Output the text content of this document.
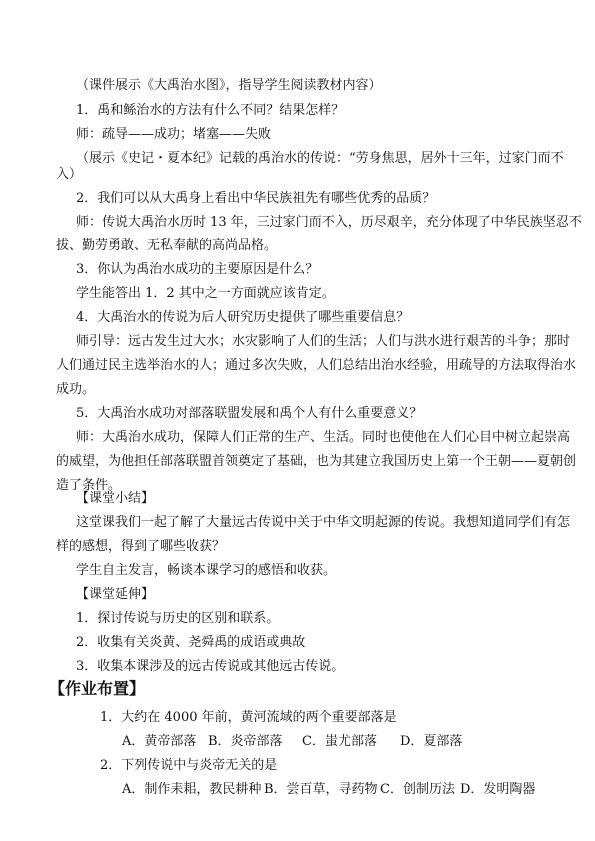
（课件展示《大禹治水图》，指导学生阅读教材内容）
1．禹和鲧治水的方法有什么不同？结果怎样？
师：疏导——成功；堵塞——失败
（展示《史记・夏本纪》记载的禹治水的传说：“劳身焦思，居外十三年，过家门而不
入）
2．我们可以从大禹身上看出中华民族祖先有哪些优秀的品质？
师：传说大禹治水历时 13 年，三过家门而不入，历尽艰辛，充分体现了中华民族坚忍不
拔、勤劳勇敢、无私奉献的高尚品格。
3．你认为禹治水成功的主要原因是什么？
学生能答出 1．2 其中之一方面就应该肯定。
4．大禹治水的传说为后人研究历史提供了哪些重要信息？
师引导：远古发生过大水；水灾影响了人们的生活；人们与洪水进行艰苦的斗争；那时
人们通过民主选举治水的人；通过多次失败，人们总结出治水经验，用疏导的方法取得治水
成功。
5．大禹治水成功对部落联盟发展和禹个人有什么重要意义？
师：大禹治水成功，保障人们正常的生产、生活。同时也使他在人们心目中树立起崇高
的威望，为他担任部落联盟首领奠定了基础，也为其建立我国历史上第一个王朝——夏朝创
造了条件。
【课堂小结】
这堂课我们一起了解了大量远古传说中关于中华文明起源的传说。我想知道同学们有怎
样的感想，得到了哪些收获？
学生自主发言，畅谈本课学习的感悟和收获。
【课堂延伸】
1．探讨传说与历史的区别和联系。
2．收集有关炎黄、尧舜禹的成语或典故
3．收集本课涉及的远古传说或其他远古传说。
【作业布置】
1．大约在 4000 年前，黄河流域的两个重要部落是
A．黄帝部落 B．炎帝部落 C．蚩尤部落 D．夏部落
2．下列传说中与炎帝无关的是
A．制作耒耜，教民耕种 B．尝百草，寻药物 C．创制历法 D．发明陶器
